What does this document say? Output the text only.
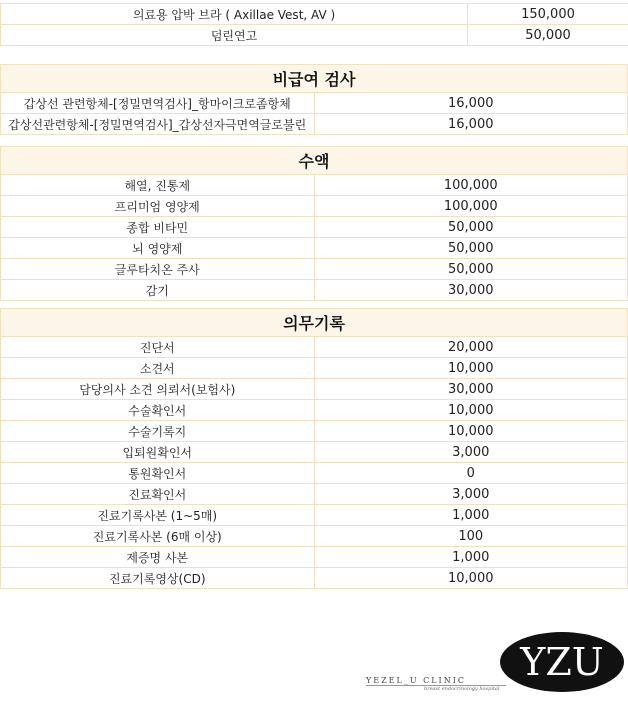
의료용 압박 브라 ( Axillae Vest, AV )	150,000
덤린연고	50,000
비급여 검사	
갑상선 관련항체-[정밀면역검사]_항마이크로좀항체	16,000
갑상선관련항체-[정밀면역검사]_갑상선자극면역글로불린	16,000
수액	
해열, 진통제	100,000
프리미엄 영양제	100,000
종합 비타민	50,000
뇌 영양제	50,000
글루타치온 주사	50,000
감기	30,000
의무기록	
진단서	20,000
소견서	10,000
담당의사 소견 의뢰서(보험사)	30,000
수술확인서	10,000
수술기록지	10,000
입퇴원확인서	3,000
통원확인서	0
진료확인서	3,000
진료기록사본 (1~5매)	1,000
진료기록사본 (6매 이상)	100
제증명 사본	1,000
진료기록영상(CD)	10,000
YEZEL_U CLINIC
breast endocrinology hospital
YZU
